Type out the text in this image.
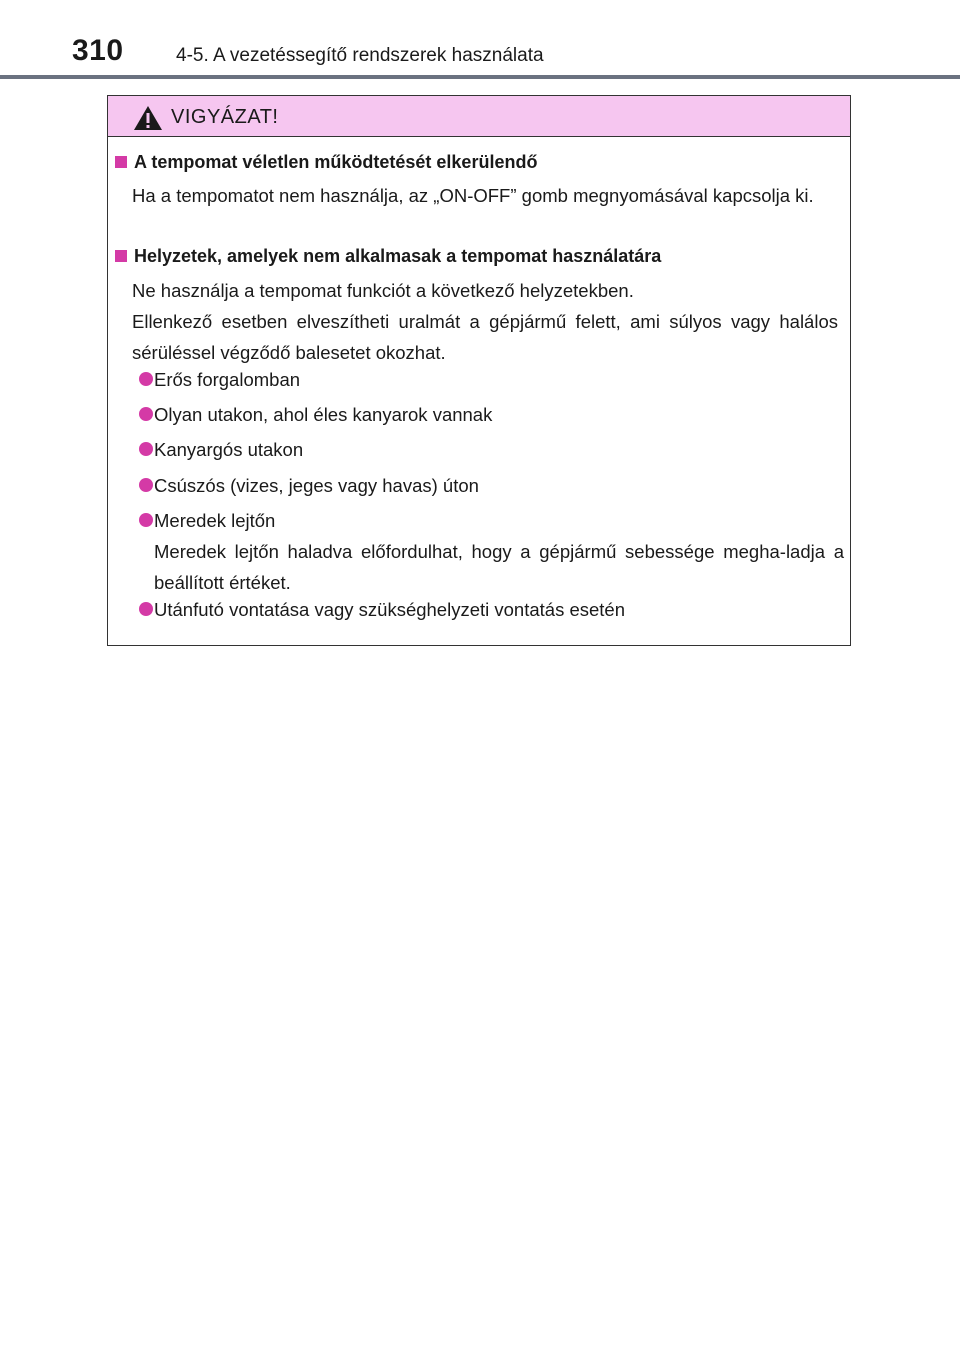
310	4-5. A vezetéssegítő rendszerek használata
VIGYÁZAT!
A tempomat véletlen működtetését elkerülendő
Ha a tempomatot nem használja, az „ON-OFF” gomb megnyomásával kapcsolja ki.
Helyzetek, amelyek nem alkalmasak a tempomat használatára
Ne használja a tempomat funkciót a következő helyzetekben.
Ellenkező esetben elveszítheti uralmát a gépjármű felett, ami súlyos vagy halálos sérüléssel végződő balesetet okozhat.
Erős forgalomban
Olyan utakon, ahol éles kanyarok vannak
Kanyargós utakon
Csúszós (vizes, jeges vagy havas) úton
Meredek lejtőn
Meredek lejtőn haladva előfordulhat, hogy a gépjármű sebessége megha-ladja a beállított értéket.
Utánfutó vontatása vagy szükséghelyzeti vontatás esetén
